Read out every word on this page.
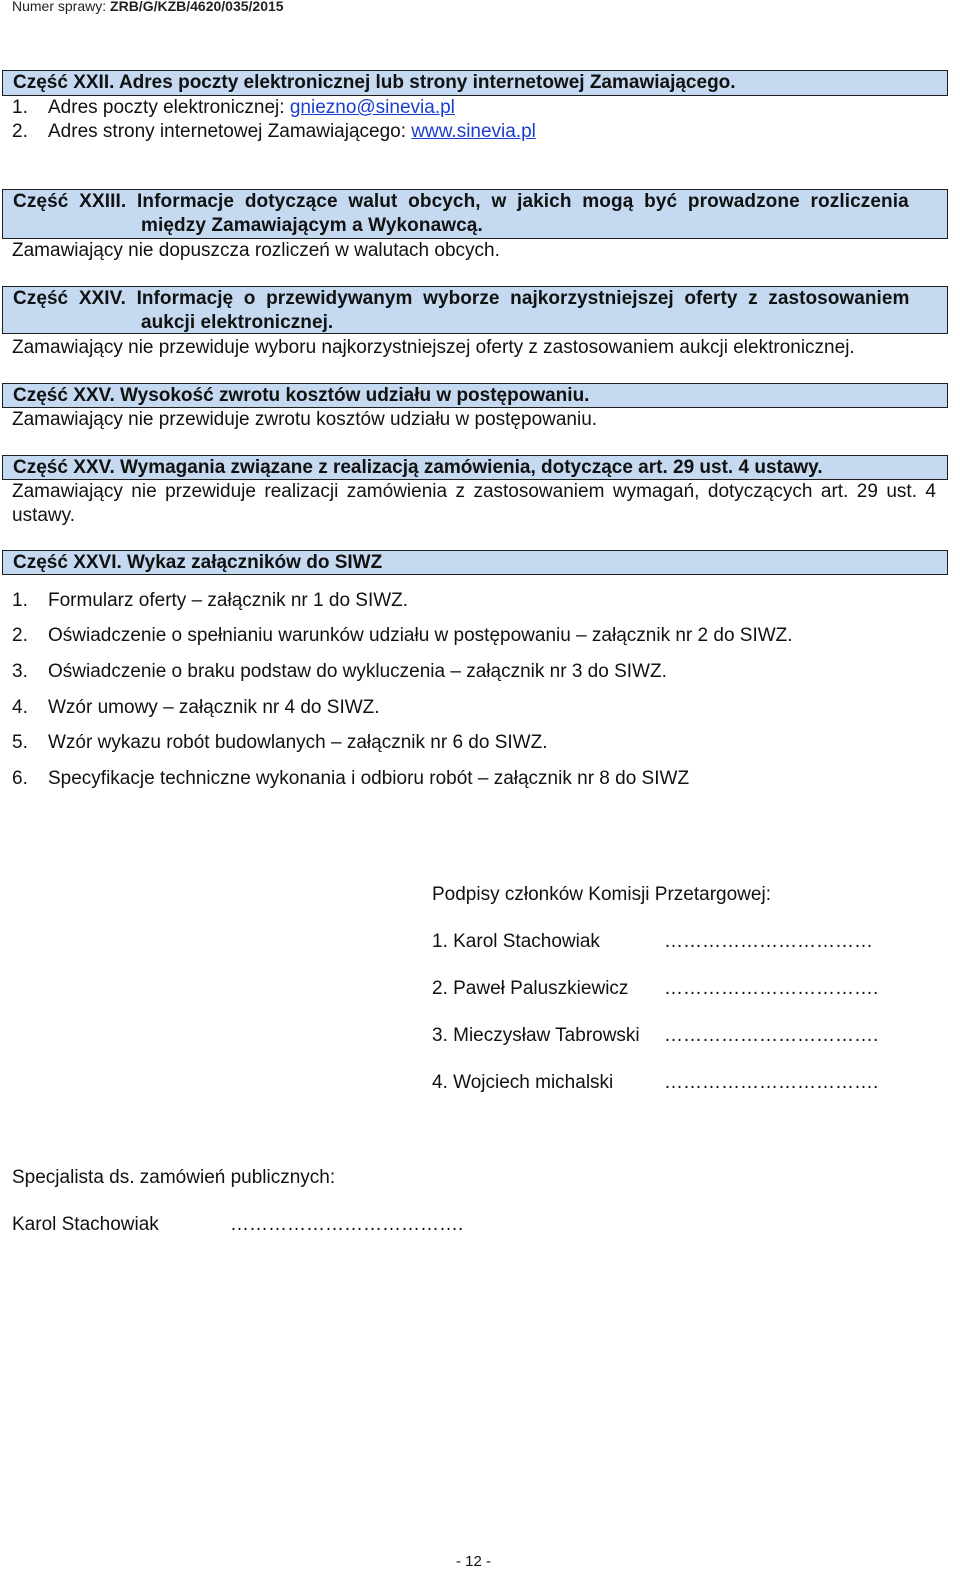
Numer sprawy: ZRB/G/KZB/4620/035/2015
Część XXII. Adres poczty elektronicznej lub strony internetowej Zamawiającego.
1. Adres poczty elektronicznej: gniezno@sinevia.pl
2. Adres strony internetowej Zamawiającego: www.sinevia.pl
Część  XXIII.  Informacje  dotyczące  walut  obcych,  w  jakich  mogą  być  prowadzone  rozliczenia
między Zamawiającym a Wykonawcą.
Zamawiający nie dopuszcza rozliczeń w walutach obcych.
Część  XXIV.  Informację  o  przewidywanym  wyborze  najkorzystniejszej  oferty  z  zastosowaniem
aukcji elektronicznej.
Zamawiający nie przewiduje wyboru najkorzystniejszej oferty z zastosowaniem aukcji elektronicznej.
Część XXV. Wysokość zwrotu kosztów udziału w postępowaniu.
Zamawiający nie przewiduje zwrotu kosztów udziału w postępowaniu.
Część XXV. Wymagania związane z realizacją zamówienia, dotyczące art. 29 ust. 4 ustawy.
Zamawiający nie przewiduje realizacji zamówienia z zastosowaniem wymagań, dotyczących art. 29 ust. 4 ustawy.
Część XXVI. Wykaz załączników do SIWZ
1. Formularz oferty – załącznik nr 1 do SIWZ.
2. Oświadczenie o spełnianiu warunków udziału w postępowaniu – załącznik nr 2 do SIWZ.
3. Oświadczenie o braku podstaw do wykluczenia – załącznik nr 3 do SIWZ.
4. Wzór umowy – załącznik nr 4 do SIWZ.
5. Wzór wykazu robót budowlanych – załącznik nr 6 do SIWZ.
6. Specyfikacje techniczne wykonania i odbioru robót – załącznik nr 8 do SIWZ
Podpisy członków Komisji Przetargowej:
1. Karol Stachowiak	……………………………
2. Paweł Paluszkiewicz …………………………….
3. Mieczysław Tabrowski …………………………….
4. Wojciech michalski	…………………………….
Specjalista ds. zamówień publicznych:
Karol Stachowiak	……………………………….
- 12 -
